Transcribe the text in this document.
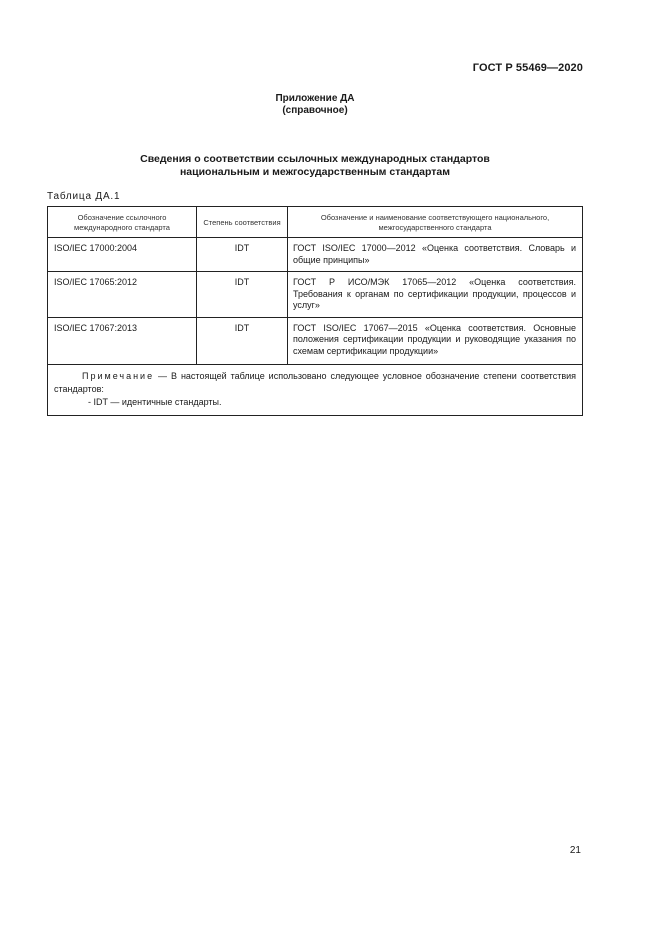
ГОСТ Р 55469—2020
Приложение ДА
(справочное)
Сведения о соответствии ссылочных международных стандартов
национальным и межгосударственным стандартам
Таблица ДА.1
Обозначение ссылочного международного стандарта	Степень соответствия	Обозначение и наименование соответствующего национального, межгосударственного стандарта
ISO/IEC 17000:2004	IDT	ГОСТ ISO/IEC 17000—2012 «Оценка соответствия. Словарь и общие принципы»
ISO/IEC 17065:2012	IDT	ГОСТ Р ИСО/МЭК 17065—2012 «Оценка соответствия. Требования к органам по сертификации продукции, процессов и услуг»
ISO/IEC 17067:2013	IDT	ГОСТ ISO/IEC 17067—2015 «Оценка соответствия. Основные положения сертификации продукции и руководящие указания по схемам сертификации продукции»

Примечание — В настоящей таблице использовано следующее условное обозначение степени соответствия стандартов:
- IDT — идентичные стандарты.		
21
